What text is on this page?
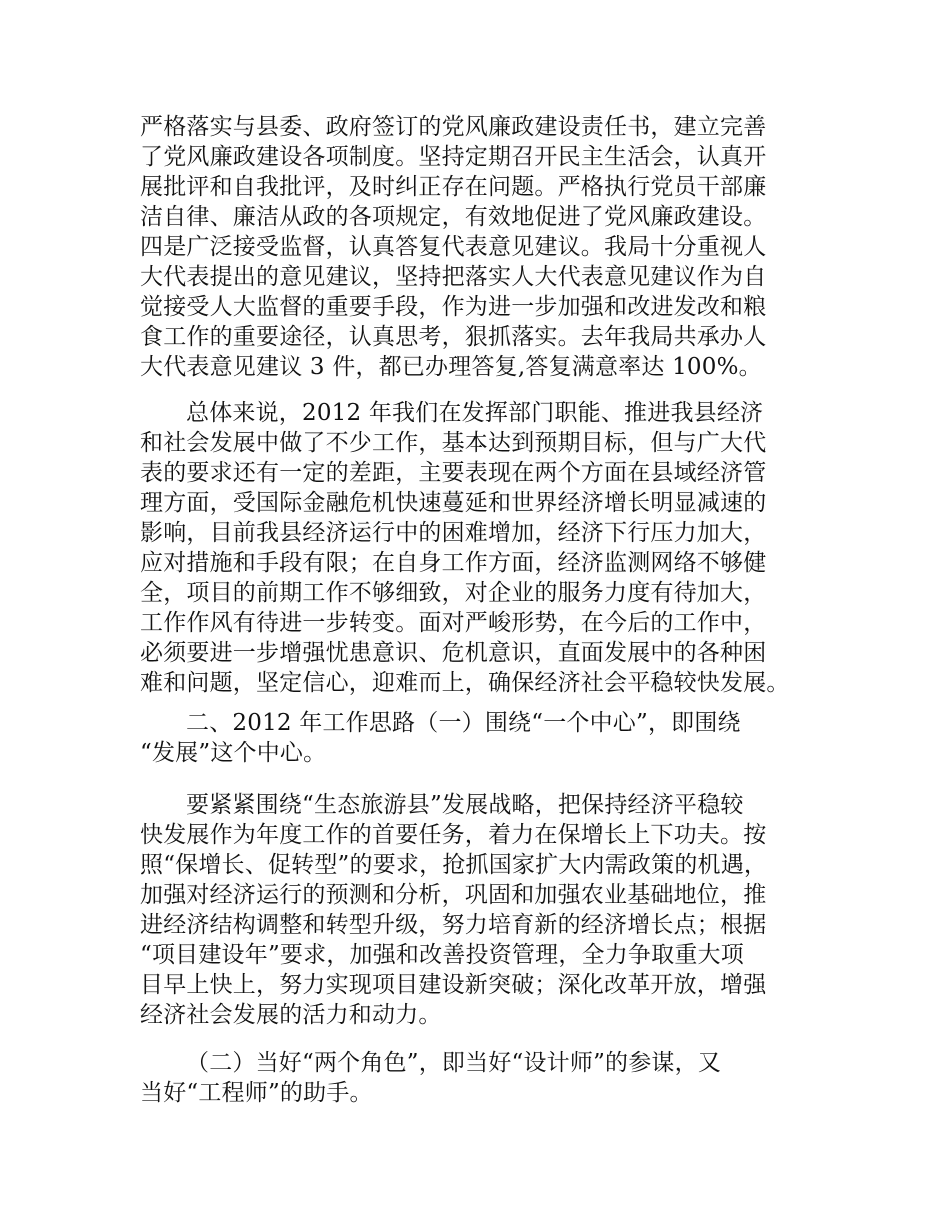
严格落实与县委、政府签订的党风廉政建设责任书，建立完善
了党风廉政建设各项制度。坚持定期召开民主生活会，认真开
展批评和自我批评，及时纠正存在问题。严格执行党员干部廉
洁自律、廉洁从政的各项规定，有效地促进了党风廉政建设。
四是广泛接受监督，认真答复代表意见建议。我局十分重视人
大代表提出的意见建议，坚持把落实人大代表意见建议作为自
觉接受人大监督的重要手段，作为进一步加强和改进发改和粮
食工作的重要途径，认真思考，狠抓落实。去年我局共承办人
大代表意见建议 3 件，都已办理答复,答复满意率达 100%。
总体来说，2012 年我们在发挥部门职能、推进我县经济
和社会发展中做了不少工作，基本达到预期目标，但与广大代
表的要求还有一定的差距，主要表现在两个方面在县域经济管
理方面，受国际金融危机快速蔓延和世界经济增长明显减速的
影响，目前我县经济运行中的困难增加，经济下行压力加大，
应对措施和手段有限；在自身工作方面，经济监测网络不够健
全，项目的前期工作不够细致，对企业的服务力度有待加大，
工作作风有待进一步转变。面对严峻形势，在今后的工作中，
必须要进一步增强忧患意识、危机意识，直面发展中的各种困
难和问题，坚定信心，迎难而上，确保经济社会平稳较快发展。
二、2012 年工作思路（一）围绕“一个中心”，即围绕
“发展”这个中心。
要紧紧围绕“生态旅游县”发展战略，把保持经济平稳较
快发展作为年度工作的首要任务，着力在保增长上下功夫。按
照“保增长、促转型”的要求，抢抓国家扩大内需政策的机遇，
加强对经济运行的预测和分析，巩固和加强农业基础地位，推
进经济结构调整和转型升级，努力培育新的经济增长点；根据
“项目建设年”要求，加强和改善投资管理，全力争取重大项
目早上快上，努力实现项目建设新突破；深化改革开放，增强
经济社会发展的活力和动力。
（二）当好“两个角色”，即当好“设计师”的参谋，又
当好“工程师”的助手。
